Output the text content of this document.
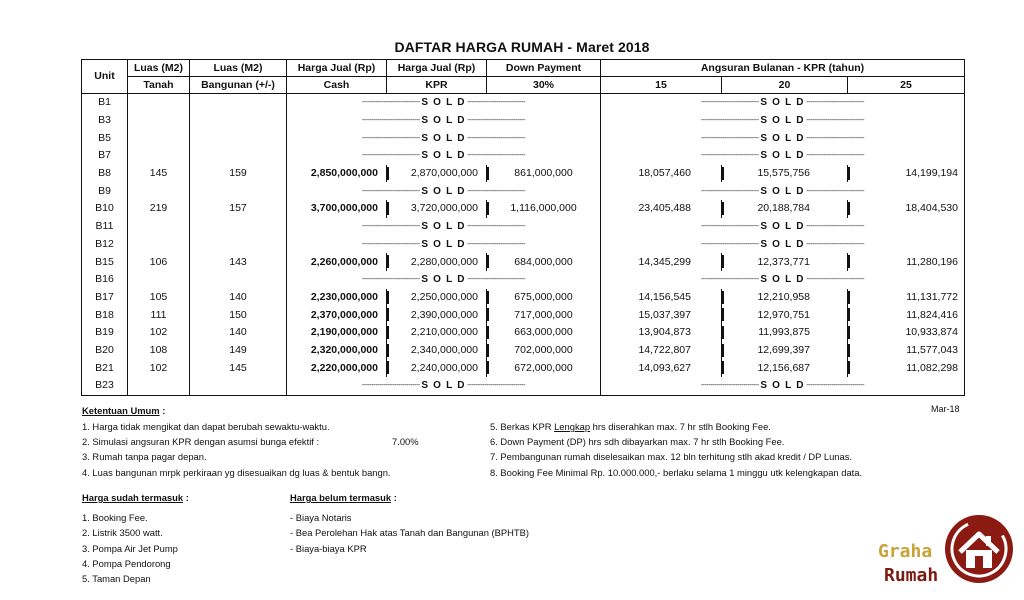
DAFTAR HARGA RUMAH - Maret 2018
Unit	Luas (M2)	Luas (M2)	Harga Jual (Rp)	Harga Jual (Rp)	Down Payment	Angsuran Bulanan - KPR (tahun)		
	Tanah	Bangunan (+/-)	Cash	KPR	30%	15	20	25
B1			------------------------------ S O L D ------------------------------			------------------------------ S O L D ------------------------------		
B3			------------------------------ S O L D ------------------------------			------------------------------ S O L D ------------------------------		
B5			------------------------------ S O L D ------------------------------			------------------------------ S O L D ------------------------------		
B7			------------------------------ S O L D ------------------------------			------------------------------ S O L D ------------------------------		
B8	145	159	2,850,000,000	2,870,000,000	861,000,000	18,057,460	15,575,756	14,199,194
B9			------------------------------ S O L D ------------------------------			------------------------------ S O L D ------------------------------		
B10	219	157	3,700,000,000	3,720,000,000	1,116,000,000	23,405,488	20,188,784	18,404,530
B11			------------------------------ S O L D ------------------------------			------------------------------ S O L D ------------------------------		
B12			------------------------------ S O L D ------------------------------			------------------------------ S O L D ------------------------------		
B15	106	143	2,260,000,000	2,280,000,000	684,000,000	14,345,299	12,373,771	11,280,196
B16			------------------------------ S O L D ------------------------------			------------------------------ S O L D ------------------------------		
B17	105	140	2,230,000,000	2,250,000,000	675,000,000	14,156,545	12,210,958	11,131,772
B18	111	150	2,370,000,000	2,390,000,000	717,000,000	15,037,397	12,970,751	11,824,416
B19	102	140	2,190,000,000	2,210,000,000	663,000,000	13,904,873	11,993,875	10,933,874
B20	108	149	2,320,000,000	2,340,000,000	702,000,000	14,722,807	12,699,397	11,577,043
B21	102	145	2,220,000,000	2,240,000,000	672,000,000	14,093,627	12,156,687	11,082,298
B23			------------------------------ S O L D ------------------------------			------------------------------ S O L D ------------------------------		
Ketentuan Umum :	Mar-18
1. Harga tidak mengikat dan dapat berubah sewaktu-waktu.
2. Simulasi angsuran KPR dengan asumsi bunga efektif :	7.00%
3. Rumah tanpa pagar depan.
4. Luas bangunan mrpk perkiraan yg disesuaikan dg luas & bentuk bangn.
5. Berkas KPR Lengkap hrs diserahkan max. 7 hr stlh Booking Fee.
6. Down Payment (DP) hrs sdh dibayarkan max. 7 hr stlh Booking Fee.
7. Pembangunan rumah diselesaikan max. 12 bln terhitung stlh akad kredit / DP Lunas.
8. Booking Fee Minimal Rp. 10.000.000,- berlaku selama 1 minggu utk kelengkapan data.
Harga sudah termasuk :
1. Booking Fee.
2. Listrik 3500 watt.
3. Pompa Air Jet Pump
4. Pompa Pendorong
5. Taman Depan
Harga belum termasuk :
- Biaya Notaris
- Bea Perolehan Hak atas Tanah dan Bangunan (BPHTB)
- Biaya-biaya KPR	Graha
Rumah
